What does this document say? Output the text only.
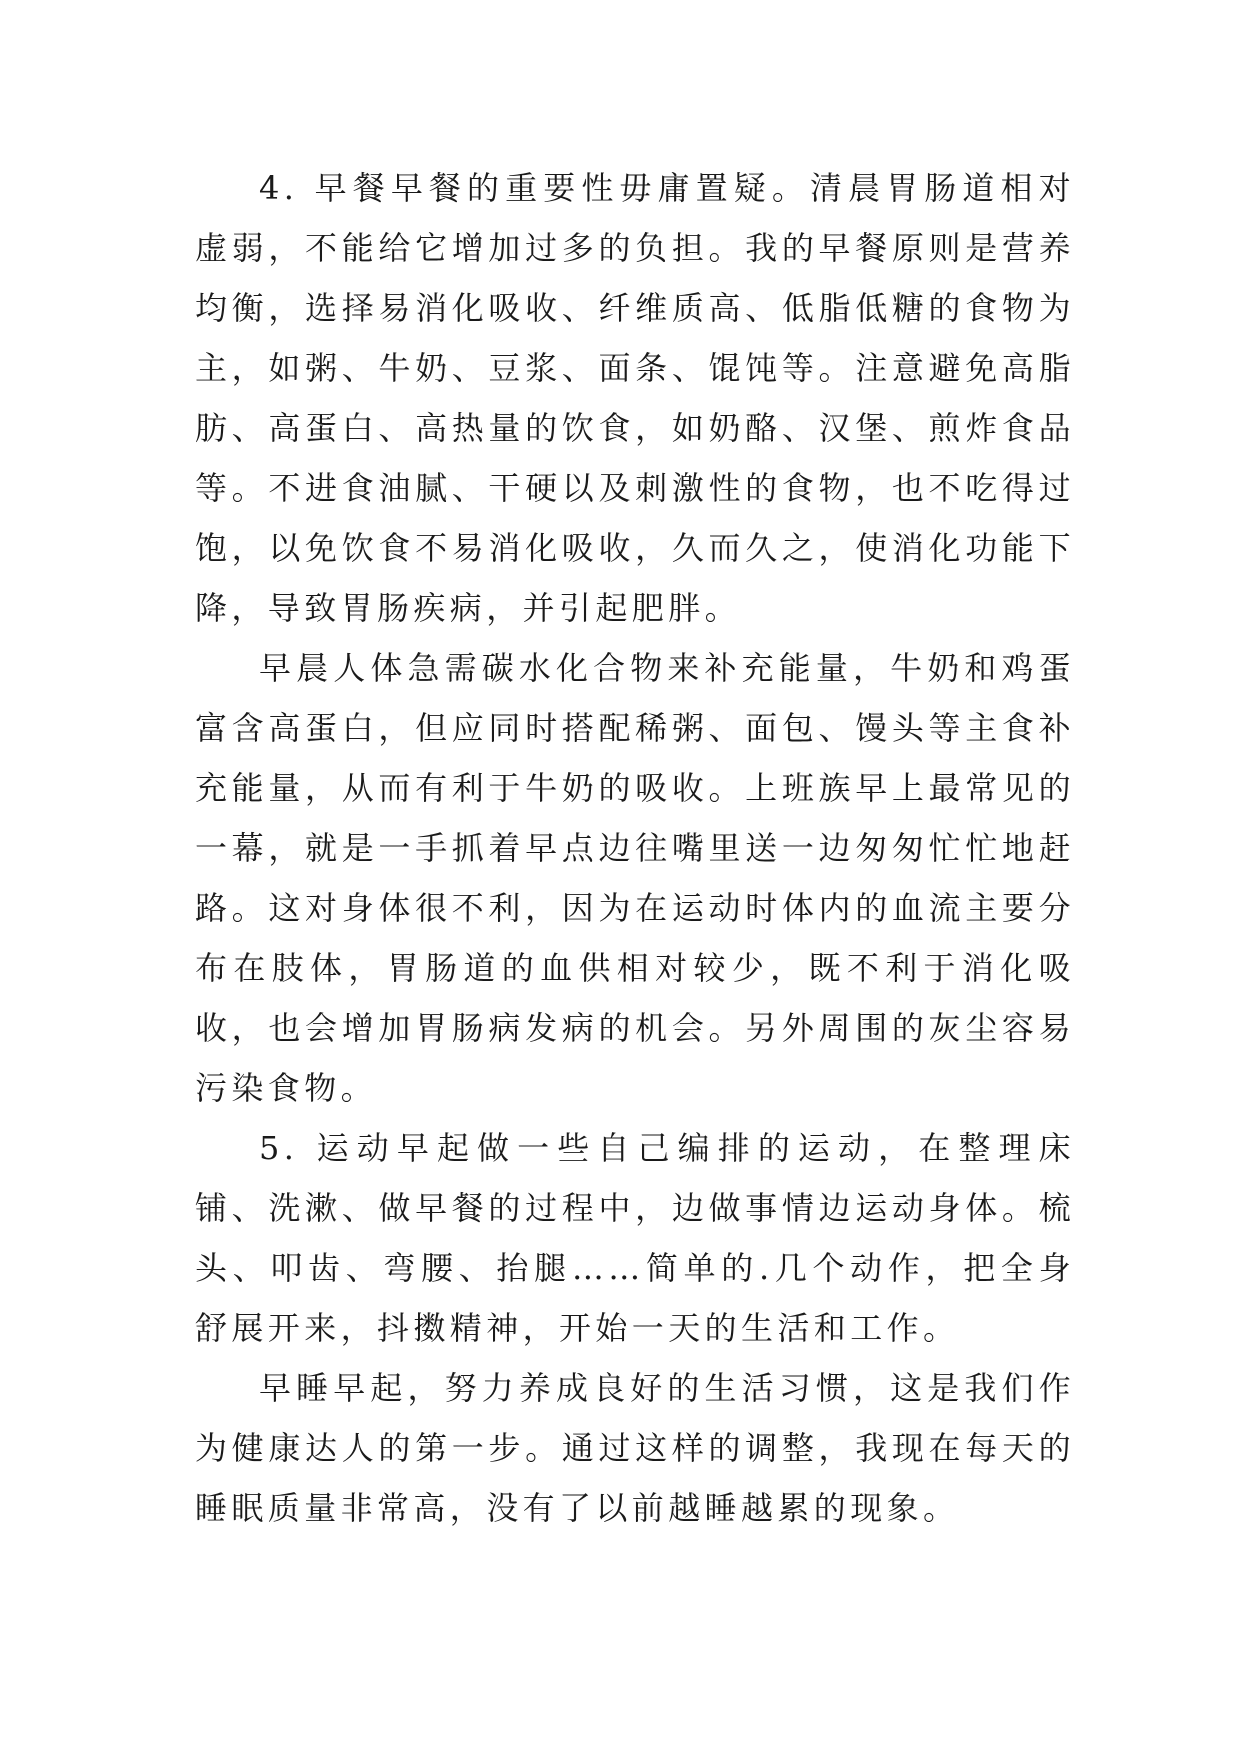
4. 早餐早餐的重要性毋庸置疑。清晨胃肠道相对虚弱，不能给它增加过多的负担。我的早餐原则是营养均衡，选择易消化吸收、纤维质高、低脂低糖的食物为主，如粥、牛奶、豆浆、面条、馄饨等。注意避免高脂肪、高蛋白、高热量的饮食，如奶酪、汉堡、煎炸食品等。不进食油腻、干硬以及刺激性的食物，也不吃得过饱，以免饮食不易消化吸收，久而久之，使消化功能下降，导致胃肠疾病，并引起肥胖。

早晨人体急需碳水化合物来补充能量，牛奶和鸡蛋富含高蛋白，但应同时搭配稀粥、面包、馒头等主食补充能量，从而有利于牛奶的吸收。上班族早上最常见的一幕，就是一手抓着早点边往嘴里送一边匆匆忙忙地赶路。这对身体很不利，因为在运动时体内的血流主要分布在肢体，胃肠道的血供相对较少，既不利于消化吸收，也会增加胃肠病发病的机会。另外周围的灰尘容易污染食物。

5. 运动早起做一些自己编排的运动，在整理床铺、洗漱、做早餐的过程中，边做事情边运动身体。梳头、叩齿、弯腰、抬腿……简单的.几个动作，把全身舒展开来，抖擞精神，开始一天的生活和工作。

早睡早起，努力养成良好的生活习惯，这是我们作为健康达人的第一步。通过这样的调整，我现在每天的睡眠质量非常高，没有了以前越睡越累的现象。
